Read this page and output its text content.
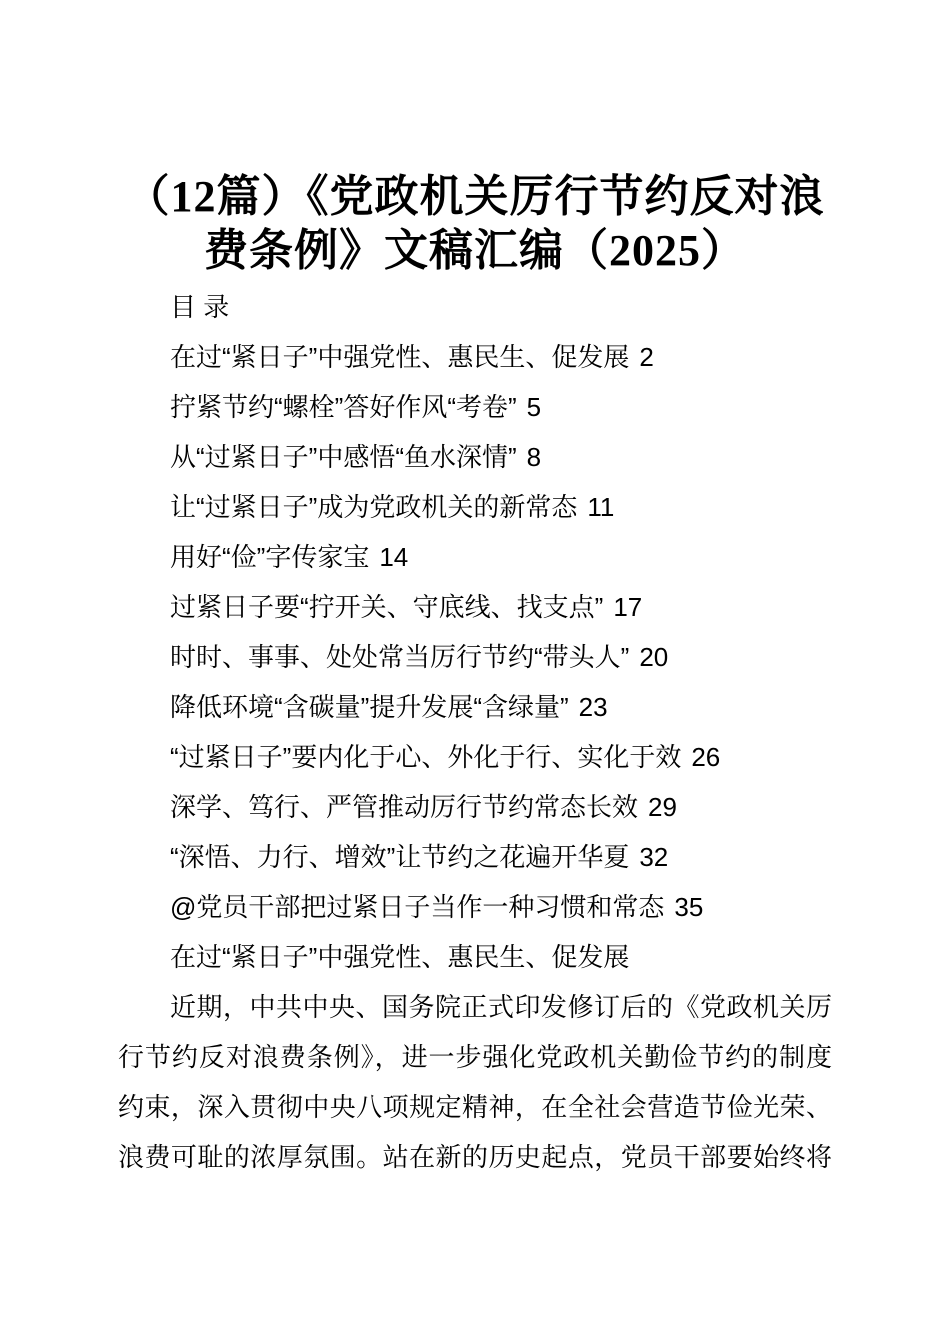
（12篇）《党政机关厉行节约反对浪
费条例》文稿汇编（2025）

目 录

在过“紧日子”中强党性、惠民生、促发展 2

拧紧节约“螺栓”答好作风“考卷” 5

从“过紧日子”中感悟“鱼水深情” 8

让“过紧日子”成为党政机关的新常态 11

用好“俭”字传家宝 14

过紧日子要“拧开关、守底线、找支点” 17

时时、事事、处处常当厉行节约“带头人” 20

降低环境“含碳量”提升发展“含绿量” 23

“过紧日子”要内化于心、外化于行、实化于效 26

深学、笃行、严管推动厉行节约常态长效 29

“深悟、力行、增效”让节约之花遍开华夏 32

@党员干部把过紧日子当作一种习惯和常态 35

在过“紧日子”中强党性、惠民生、促发展

近期，中共中央、国务院正式印发修订后的《党政机关厉

行节约反对浪费条例》，进一步强化党政机关勤俭节约的制度

约束，深入贯彻中央八项规定精神，在全社会营造节俭光荣、

浪费可耻的浓厚氛围。站在新的历史起点，党员干部要始终将
